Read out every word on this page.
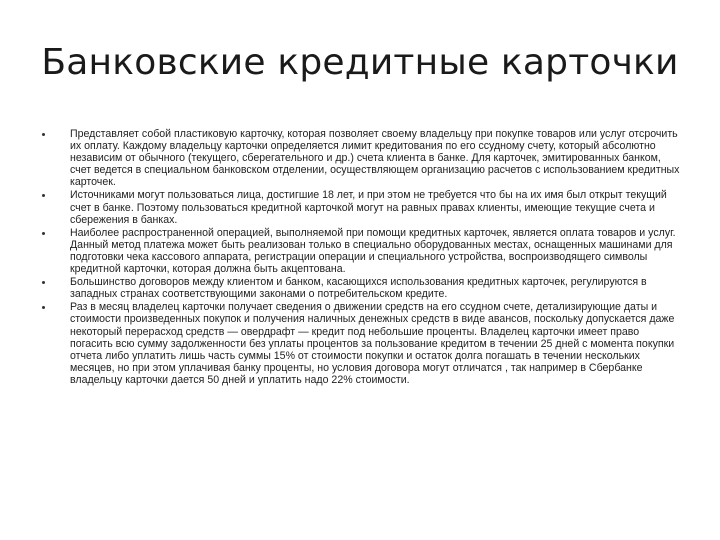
Банковские кредитные карточки
Представляет собой пластиковую карточку, которая позволяет своему владельцу при покупке товаров или услуг отсрочить их оплату. Каждому владельцу карточки определяется лимит кредитования по его ссудному счету, который абсолютно независим от обычного (текущего, сберегательного и др.) счета клиента в банке. Для карточек, эмитированных банком, счет ведется в специальном банковском отделении, осуществляющем организацию расчетов с использованием кредитных карточек.
Источниками могут пользоваться лица, достигшие 18 лет, и при этом не требуется что бы на их имя был открыт текущий счет в банке. Поэтому пользоваться кредитной карточкой могут на равных правах клиенты, имеющие текущие счета и сбережения в банках.
Наиболее распространенной операцией, выполняемой при помощи кредитных карточек, является оплата товаров и услуг. Данный метод платежа может быть реализован только в специально оборудованных местах, оснащенных машинами для подготовки чека кассового аппарата, регистрации операции и специального устройства, воспроизводящего символы кредитной карточки, которая должна быть акцептована.
Большинство договоров между клиентом и банком, касающихся использования кредитных карточек, регулируются в западных странах соответствующими законами о потребительском кредите.
Раз в месяц владелец карточки получает сведения о движении средств на его ссудном счете, детализирующие даты и стоимости произведенных покупок и получения наличных денежных средств в виде авансов, поскольку допускается даже некоторый перерасход средств — овердрафт — кредит под небольшие проценты. Владелец карточки имеет право погасить всю сумму задолженности без уплаты процентов за пользование кредитом в течении 25 дней с момента покупки отчета либо уплатить лишь часть суммы 15% от стоимости покупки и остаток долга погашать в течении нескольких месяцев, но при этом уплачивая банку проценты, но условия договора могут отличатся , так например в Сбербанке владельцу карточки дается 50 дней и уплатить надо 22% стоимости.
